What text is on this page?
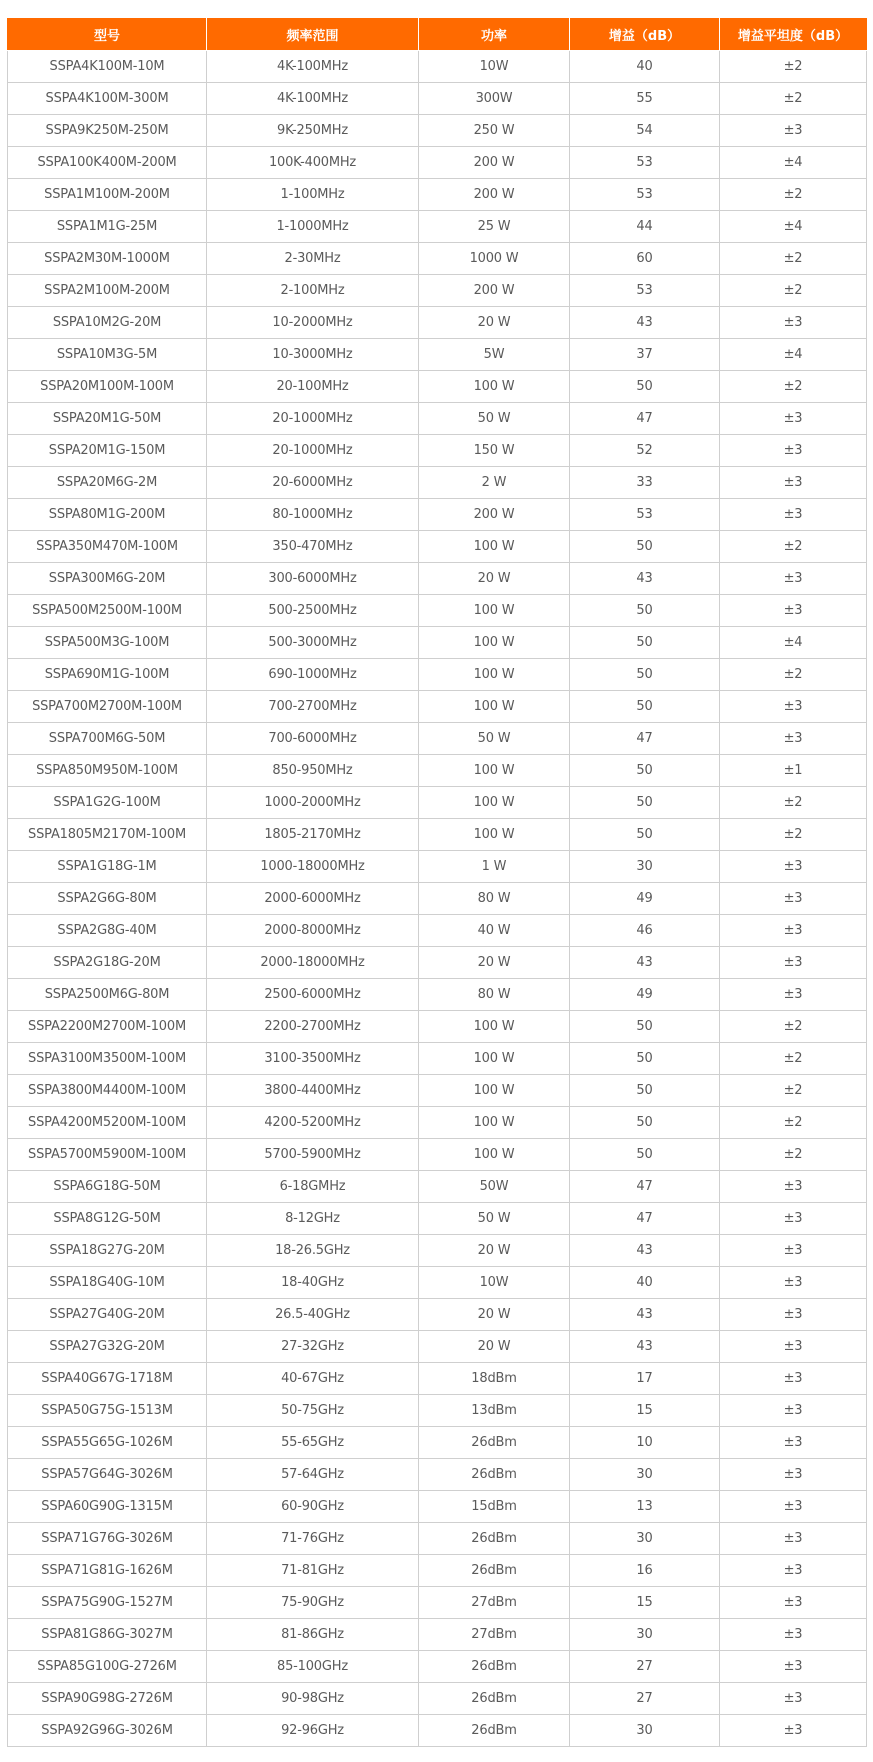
型号	频率范围	功率	增益（dB）	增益平坦度（dB）
SSPA4K100M-10M	4K-100MHz	10W	40	±2
SSPA4K100M-300M	4K-100MHz	300W	55	±2
SSPA9K250M-250M	9K-250MHz	250 W	54	±3
SSPA100K400M-200M	100K-400MHz	200 W	53	±4
SSPA1M100M-200M	1-100MHz	200 W	53	±2
SSPA1M1G-25M	1-1000MHz	25 W	44	±4
SSPA2M30M-1000M	2-30MHz	1000 W	60	±2
SSPA2M100M-200M	2-100MHz	200 W	53	±2
SSPA10M2G-20M	10-2000MHz	20 W	43	±3
SSPA10M3G-5M	10-3000MHz	5W	37	±4
SSPA20M100M-100M	20-100MHz	100 W	50	±2
SSPA20M1G-50M	20-1000MHz	50 W	47	±3
SSPA20M1G-150M	20-1000MHz	150 W	52	±3
SSPA20M6G-2M	20-6000MHz	2 W	33	±3
SSPA80M1G-200M	80-1000MHz	200 W	53	±3
SSPA350M470M-100M	350-470MHz	100 W	50	±2
SSPA300M6G-20M	300-6000MHz	20 W	43	±3
SSPA500M2500M-100M	500-2500MHz	100 W	50	±3
SSPA500M3G-100M	500-3000MHz	100 W	50	±4
SSPA690M1G-100M	690-1000MHz	100 W	50	±2
SSPA700M2700M-100M	700-2700MHz	100 W	50	±3
SSPA700M6G-50M	700-6000MHz	50 W	47	±3
SSPA850M950M-100M	850-950MHz	100 W	50	±1
SSPA1G2G-100M	1000-2000MHz	100 W	50	±2
SSPA1805M2170M-100M	1805-2170MHz	100 W	50	±2
SSPA1G18G-1M	1000-18000MHz	1 W	30	±3
SSPA2G6G-80M	2000-6000MHz	80 W	49	±3
SSPA2G8G-40M	2000-8000MHz	40 W	46	±3
SSPA2G18G-20M	2000-18000MHz	20 W	43	±3
SSPA2500M6G-80M	2500-6000MHz	80 W	49	±3
SSPA2200M2700M-100M	2200-2700MHz	100 W	50	±2
SSPA3100M3500M-100M	3100-3500MHz	100 W	50	±2
SSPA3800M4400M-100M	3800-4400MHz	100 W	50	±2
SSPA4200M5200M-100M	4200-5200MHz	100 W	50	±2
SSPA5700M5900M-100M	5700-5900MHz	100 W	50	±2
SSPA6G18G-50M	6-18GMHz	50W	47	±3
SSPA8G12G-50M	8-12GHz	50 W	47	±3
SSPA18G27G-20M	18-26.5GHz	20 W	43	±3
SSPA18G40G-10M	18-40GHz	10W	40	±3
SSPA27G40G-20M	26.5-40GHz	20 W	43	±3
SSPA27G32G-20M	27-32GHz	20 W	43	±3
SSPA40G67G-1718M	40-67GHz	18dBm	17	±3
SSPA50G75G-1513M	50-75GHz	13dBm	15	±3
SSPA55G65G-1026M	55-65GHz	26dBm	10	±3
SSPA57G64G-3026M	57-64GHz	26dBm	30	±3
SSPA60G90G-1315M	60-90GHz	15dBm	13	±3
SSPA71G76G-3026M	71-76GHz	26dBm	30	±3
SSPA71G81G-1626M	71-81GHz	26dBm	16	±3
SSPA75G90G-1527M	75-90GHz	27dBm	15	±3
SSPA81G86G-3027M	81-86GHz	27dBm	30	±3
SSPA85G100G-2726M	85-100GHz	26dBm	27	±3
SSPA90G98G-2726M	90-98GHz	26dBm	27	±3
SSPA92G96G-3026M	92-96GHz	26dBm	30	±3
